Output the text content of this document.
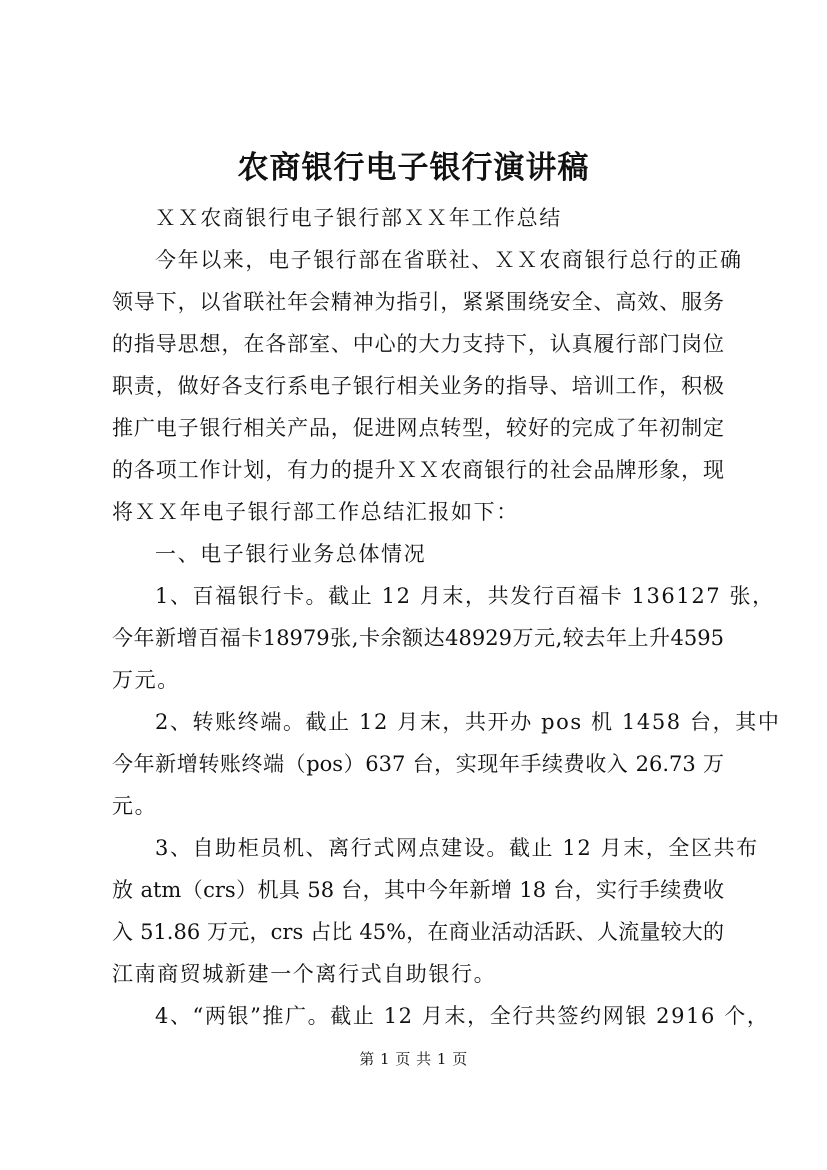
农商银行电子银行演讲稿
ＸＸ农商银行电子银行部ＸＸ年工作总结
今年以来，电子银行部在省联社、ＸＸ农商银行总行的正确
领导下，以省联社年会精神为指引，紧紧围绕安全、高效、服务
的指导思想，在各部室、中心的大力支持下，认真履行部门岗位
职责，做好各支行系电子银行相关业务的指导、培训工作，积极
推广电子银行相关产品，促进网点转型，较好的完成了年初制定
的各项工作计划，有力的提升ＸＸ农商银行的社会品牌形象，现
将ＸＸ年电子银行部工作总结汇报如下：
一、电子银行业务总体情况
1、百福银行卡。截止 12 月末，共发行百福卡 136127 张，
今年新增百福卡18979张,卡余额达48929万元,较去年上升4595
万元。
2、转账终端。截止 12 月末，共开办 pos 机 1458 台，其中
今年新增转账终端（pos）637 台，实现年手续费收入 26.73 万
元。
3、自助柜员机、离行式网点建设。截止 12 月末，全区共布
放 atm（crs）机具 58 台，其中今年新增 18 台，实行手续费收
入 51.86 万元，crs 占比 45%，在商业活动活跃、人流量较大的
江南商贸城新建一个离行式自助银行。
4、“两银”推广。截止 12 月末，全行共签约网银 2916 个，
第 1 页 共 1 页
